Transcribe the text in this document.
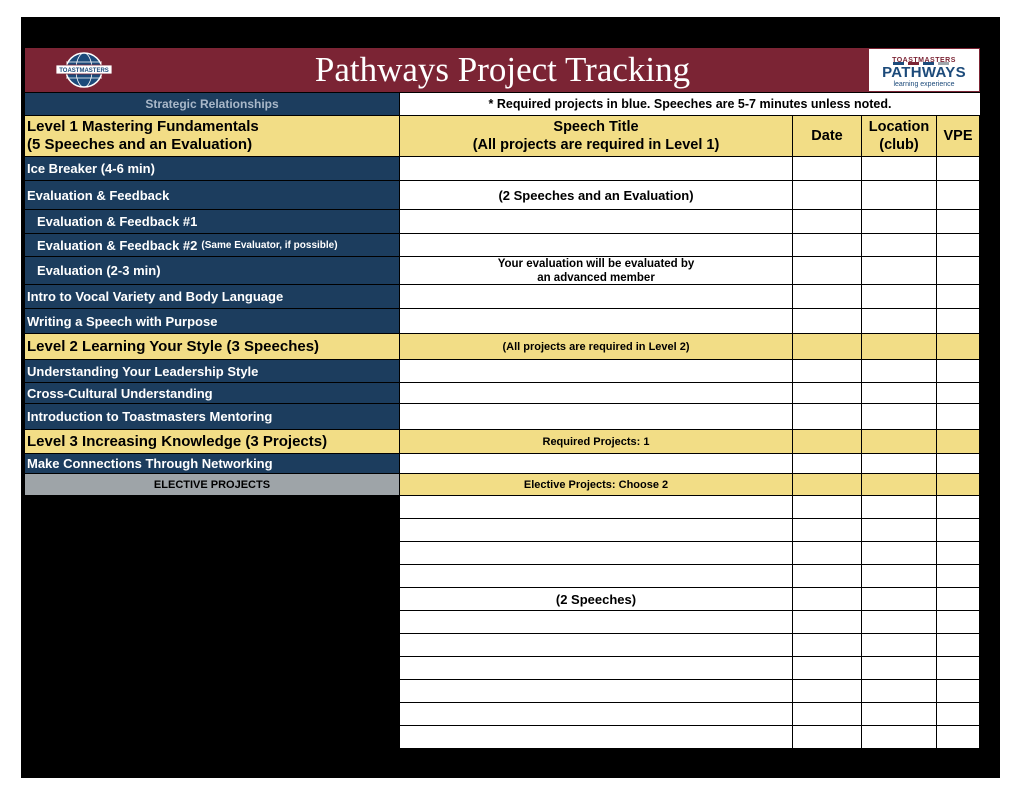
Pathways Project Tracking
TOASTMASTERS
TOASTMASTERS
PATHWAYS
learning experience
Strategic Relationships	* Required projects in blue. Speeches are 5-7 minutes unless noted.
Level 1 Mastering Fundamentals
(5 Speeches and an Evaluation)
Ice Breaker (4-6 min)
Evaluation & Feedback
Evaluation & Feedback #1
Evaluation & Feedback #2 (Same Evaluator, if possible)
Evaluation (2-3 min)
Intro to Vocal Variety and Body Language
Writing a Speech with Purpose
Level 2 Learning Your Style (3 Speeches)
Understanding Your Leadership Style
Cross-Cultural Understanding
Introduction to Toastmasters Mentoring
Level 3 Increasing Knowledge (3 Projects)
Make Connections Through Networking
ELECTIVE PROJECTS
Speech Title
(All projects are required in Level 1)
Date
Location
(club)
VPE
(2 Speeches and an Evaluation)
Your evaluation will be evaluated by
an advanced member
(All projects are required in Level 2)
Required Projects: 1
Elective Projects: Choose 2
(2 Speeches)
